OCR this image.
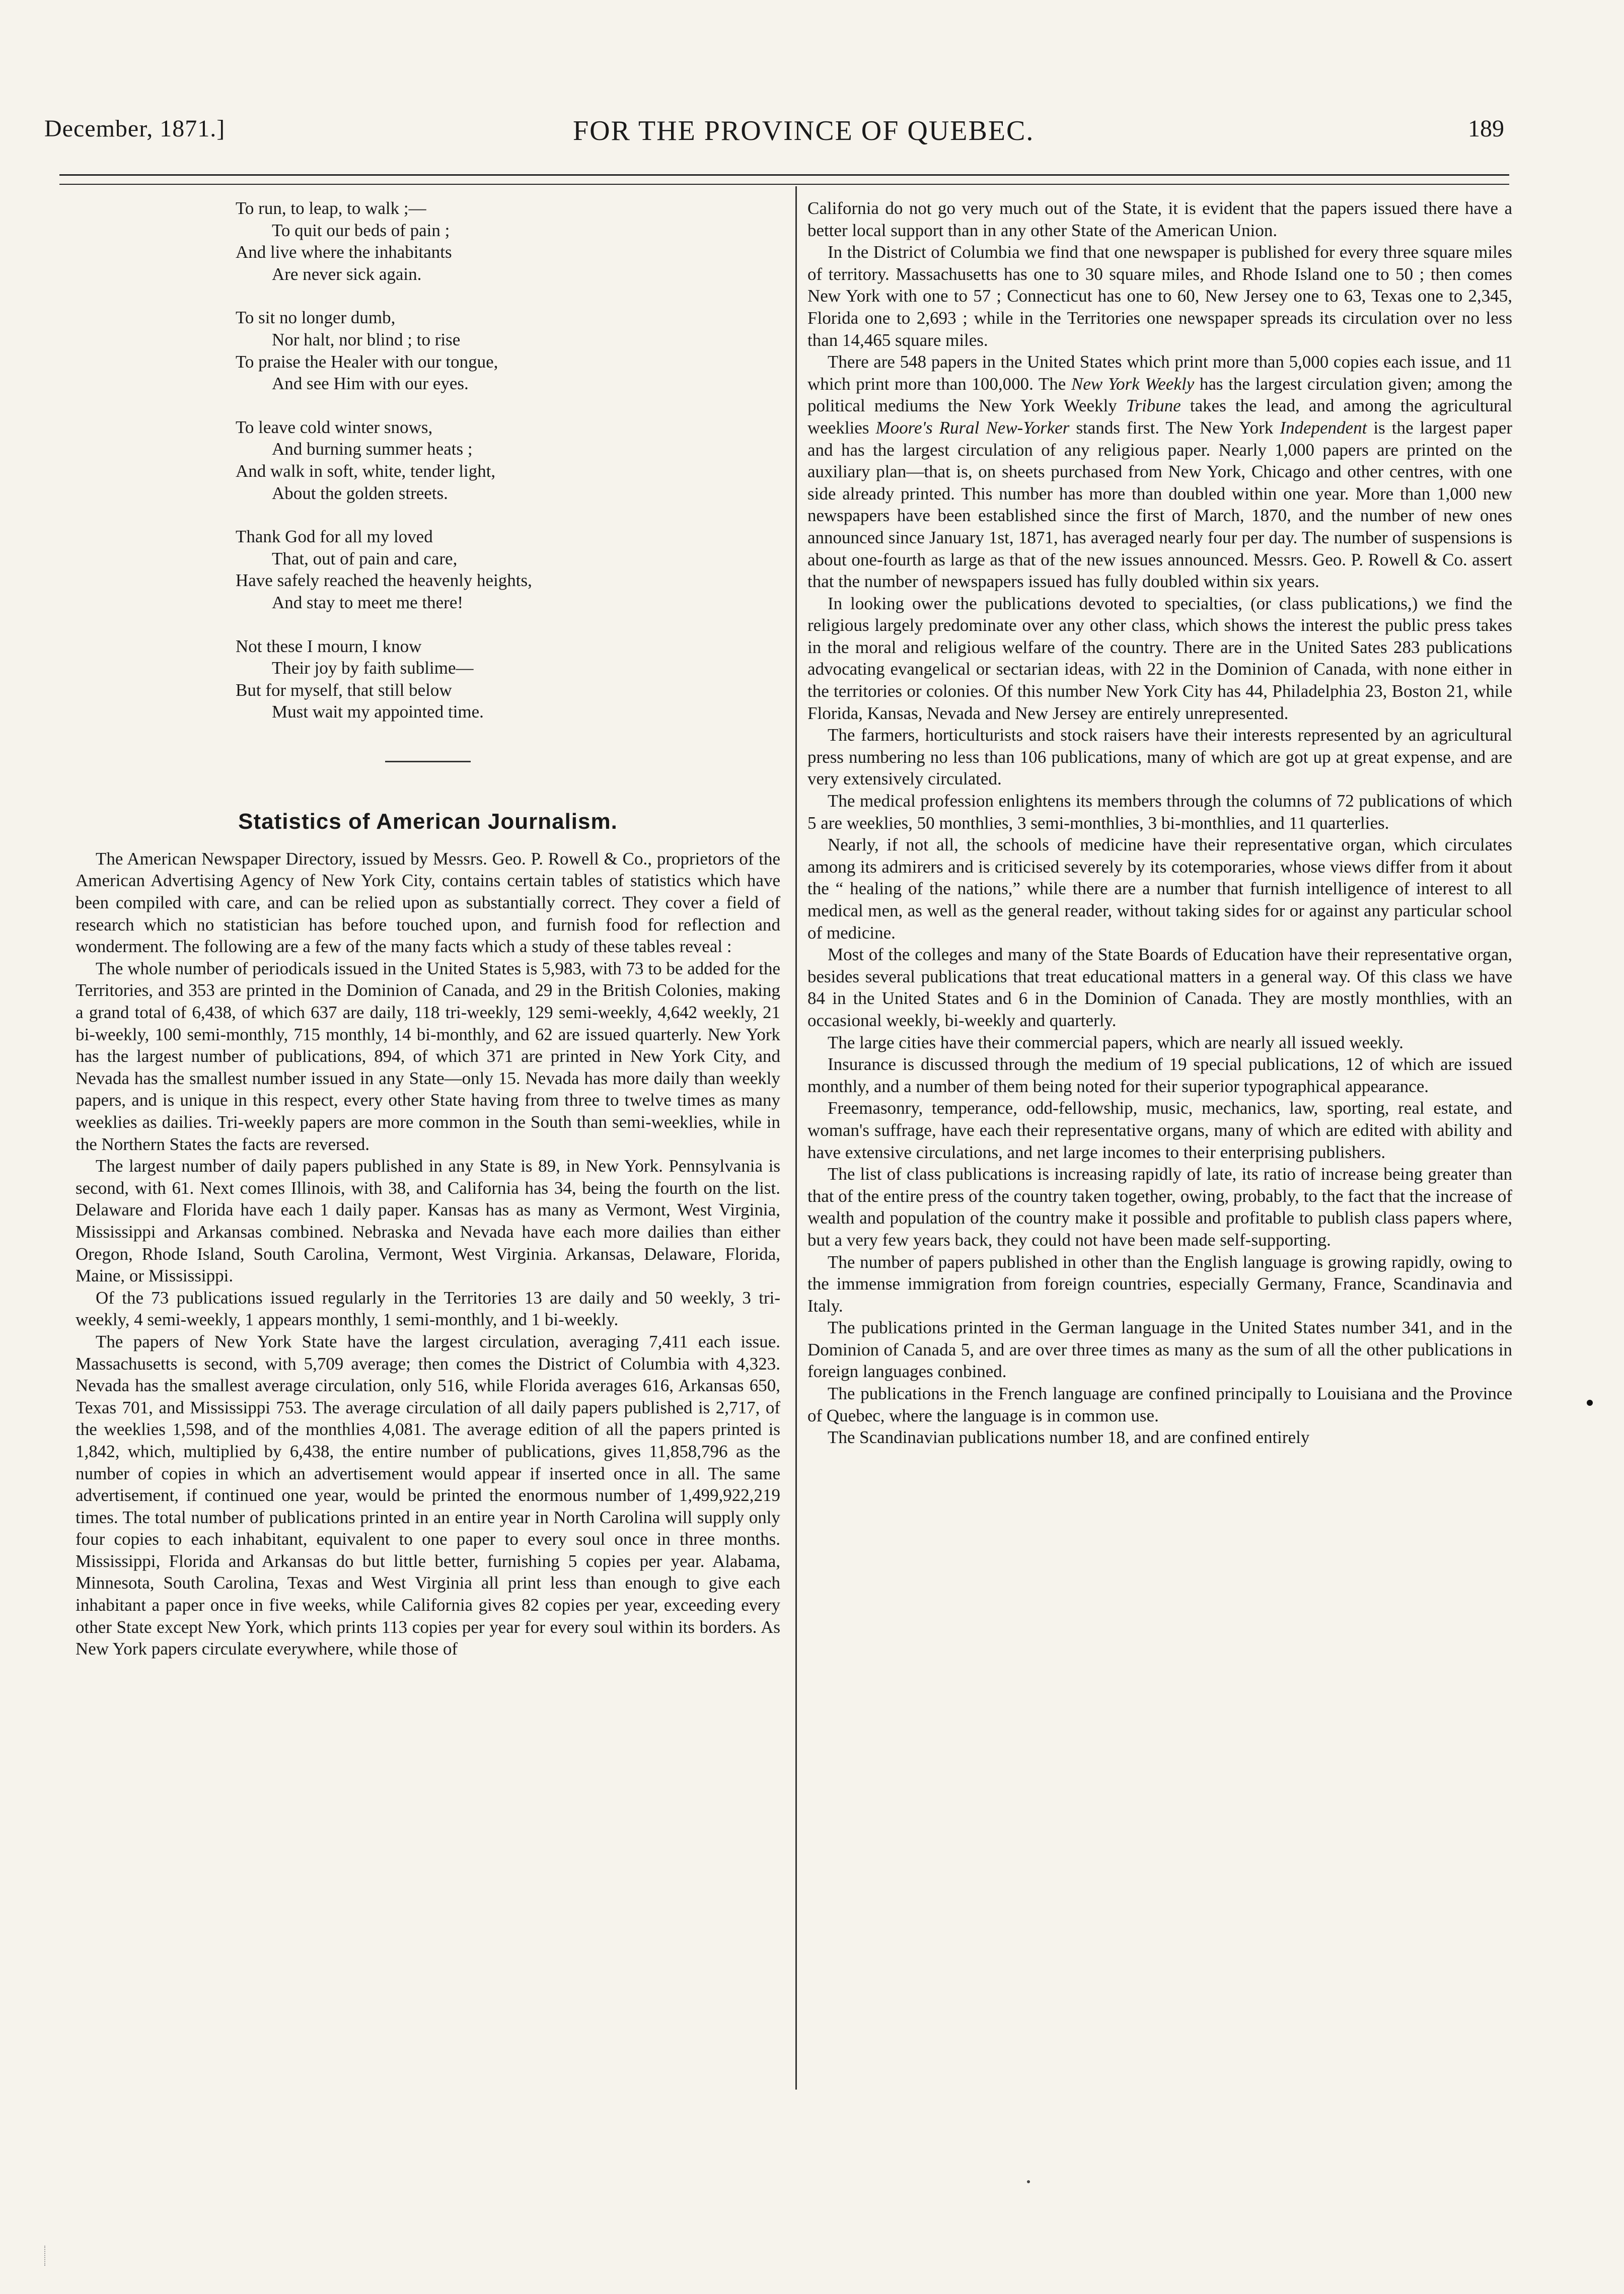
December, 1871.]	FOR THE PROVINCE OF QUEBEC.	189

To run, to leap, to walk ;—

To quit our beds of pain ;

And live where the inhabitants

Are never sick again.

To sit no longer dumb,

Nor halt, nor blind ; to rise

To praise the Healer with our tongue,

And see Him with our eyes.

To leave cold winter snows,

And burning summer heats ;

And walk in soft, white, tender light,

About the golden streets.

Thank God for all my loved

That, out of pain and care,

Have safely reached the heavenly heights,

And stay to meet me there!

Not these I mourn, I know

Their joy by faith sublime—

But for myself, that still below

Must wait my appointed time.

Statistics of American Journalism.

The American Newspaper Directory, issued by Messrs. Geo. P. Rowell & Co., proprietors of the American Advertising Agency of New York City, contains certain tables of statistics which have been compiled with care, and can be relied upon as substantially correct. They cover a field of research which no statistician has before touched upon, and furnish food for reflection and wonderment. The following are a few of the many facts which a study of these tables reveal :

The whole number of periodicals issued in the United States is 5,983, with 73 to be added for the Territories, and 353 are printed in the Dominion of Canada, and 29 in the British Colonies, making a grand total of 6,438, of which 637 are daily, 118 tri-weekly, 129 semi-weekly, 4,642 weekly, 21 bi-weekly, 100 semi-monthly, 715 monthly, 14 bi-monthly, and 62 are issued quarterly. New York has the largest number of publications, 894, of which 371 are printed in New York City, and Nevada has the smallest number issued in any State—only 15. Nevada has more daily than weekly papers, and is unique in this respect, every other State having from three to twelve times as many weeklies as dailies. Tri-weekly papers are more common in the South than semi-weeklies, while in the Northern States the facts are reversed.

The largest number of daily papers published in any State is 89, in New York. Pennsylvania is second, with 61. Next comes Illinois, with 38, and California has 34, being the fourth on the list. Delaware and Florida have each 1 daily paper. Kansas has as many as Vermont, West Virginia, Mississippi and Arkansas combined. Nebraska and Nevada have each more dailies than either Oregon, Rhode Island, South Carolina, Vermont, West Virginia. Arkansas, Delaware, Florida, Maine, or Mississippi.

Of the 73 publications issued regularly in the Territories 13 are daily and 50 weekly, 3 tri-weekly, 4 semi-weekly, 1 appears monthly, 1 semi-monthly, and 1 bi-weekly.

The papers of New York State have the largest circulation, averaging 7,411 each issue. Massachusetts is second, with 5,709 average; then comes the District of Columbia with 4,323. Nevada has the smallest average circulation, only 516, while Florida averages 616, Arkansas 650, Texas 701, and Mississippi 753. The average circulation of all daily papers published is 2,717, of the weeklies 1,598, and of the monthlies 4,081. The average edition of all the papers printed is 1,842, which, multiplied by 6,438, the entire number of publications, gives 11,858,796 as the number of copies in which an advertisement would appear if inserted once in all. The same advertisement, if continued one year, would be printed the enormous number of 1,499,922,219 times. The total number of publications printed in an entire year in North Carolina will supply only four copies to each inhabitant, equivalent to one paper to every soul once in three months. Mississippi, Florida and Arkansas do but little better, furnishing 5 copies per year. Alabama, Minnesota, South Carolina, Texas and West Virginia all print less than enough to give each inhabitant a paper once in five weeks, while California gives 82 copies per year, exceeding every other State except New York, which prints 113 copies per year for every soul within its borders. As New York papers circulate everywhere, while those of

California do not go very much out of the State, it is evident that the papers issued there have a better local support than in any other State of the American Union.

In the District of Columbia we find that one newspaper is published for every three square miles of territory. Massachusetts has one to 30 square miles, and Rhode Island one to 50 ; then comes New York with one to 57 ; Connecticut has one to 60, New Jersey one to 63, Texas one to 2,345, Florida one to 2,693 ; while in the Territories one newspaper spreads its circulation over no less than 14,465 square miles.

There are 548 papers in the United States which print more than 5,000 copies each issue, and 11 which print more than 100,000. The New York Weekly has the largest circulation given; among the political mediums the New York Weekly Tribune takes the lead, and among the agricultural weeklies Moore's Rural New-Yorker stands first. The New York Independent is the largest paper and has the largest circulation of any religious paper. Nearly 1,000 papers are printed on the auxiliary plan—that is, on sheets purchased from New York, Chicago and other centres, with one side already printed. This number has more than doubled within one year. More than 1,000 new newspapers have been established since the first of March, 1870, and the number of new ones announced since January 1st, 1871, has averaged nearly four per day. The number of suspensions is about one-fourth as large as that of the new issues announced. Messrs. Geo. P. Rowell & Co. assert that the number of newspapers issued has fully doubled within six years.

In looking ower the publications devoted to specialties, (or class publications,) we find the religious largely predominate over any other class, which shows the interest the public press takes in the moral and religious welfare of the country. There are in the United Sates 283 publications advocating evangelical or sectarian ideas, with 22 in the Dominion of Canada, with none either in the territories or colonies. Of this number New York City has 44, Philadelphia 23, Boston 21, while Florida, Kansas, Nevada and New Jersey are entirely unrepresented.

The farmers, horticulturists and stock raisers have their interests represented by an agricultural press numbering no less than 106 publications, many of which are got up at great expense, and are very extensively circulated.

The medical profession enlightens its members through the columns of 72 publications of which 5 are weeklies, 50 monthlies, 3 semi-monthlies, 3 bi-monthlies, and 11 quarterlies.

Nearly, if not all, the schools of medicine have their representative organ, which circulates among its admirers and is criticised severely by its cotemporaries, whose views differ from it about the “ healing of the nations,” while there are a number that furnish intelligence of interest to all medical men, as well as the general reader, without taking sides for or against any particular school of medicine.

Most of the colleges and many of the State Boards of Education have their representative organ, besides several publications that treat educational matters in a general way. Of this class we have 84 in the United States and 6 in the Dominion of Canada. They are mostly monthlies, with an occasional weekly, bi-weekly and quarterly.

The large cities have their commercial papers, which are nearly all issued weekly.

Insurance is discussed through the medium of 19 special publications, 12 of which are issued monthly, and a number of them being noted for their superior typographical appearance.

Freemasonry, temperance, odd-fellowship, music, mechanics, law, sporting, real estate, and woman's suffrage, have each their representative organs, many of which are edited with ability and have extensive circulations, and net large incomes to their enterprising publishers.

The list of class publications is increasing rapidly of late, its ratio of increase being greater than that of the entire press of the country taken together, owing, probably, to the fact that the increase of wealth and population of the country make it possible and profitable to publish class papers where, but a very few years back, they could not have been made self-supporting.

The number of papers published in other than the English language is growing rapidly, owing to the immense immigration from foreign countries, especially Germany, France, Scandinavia and Italy.

The publications printed in the German language in the United States number 341, and in the Dominion of Canada 5, and are over three times as many as the sum of all the other publications in foreign languages conbined.

The publications in the French language are confined principally to Louisiana and the Province of Quebec, where the language is in common use.

The Scandinavian publications number 18, and are confined entirely
